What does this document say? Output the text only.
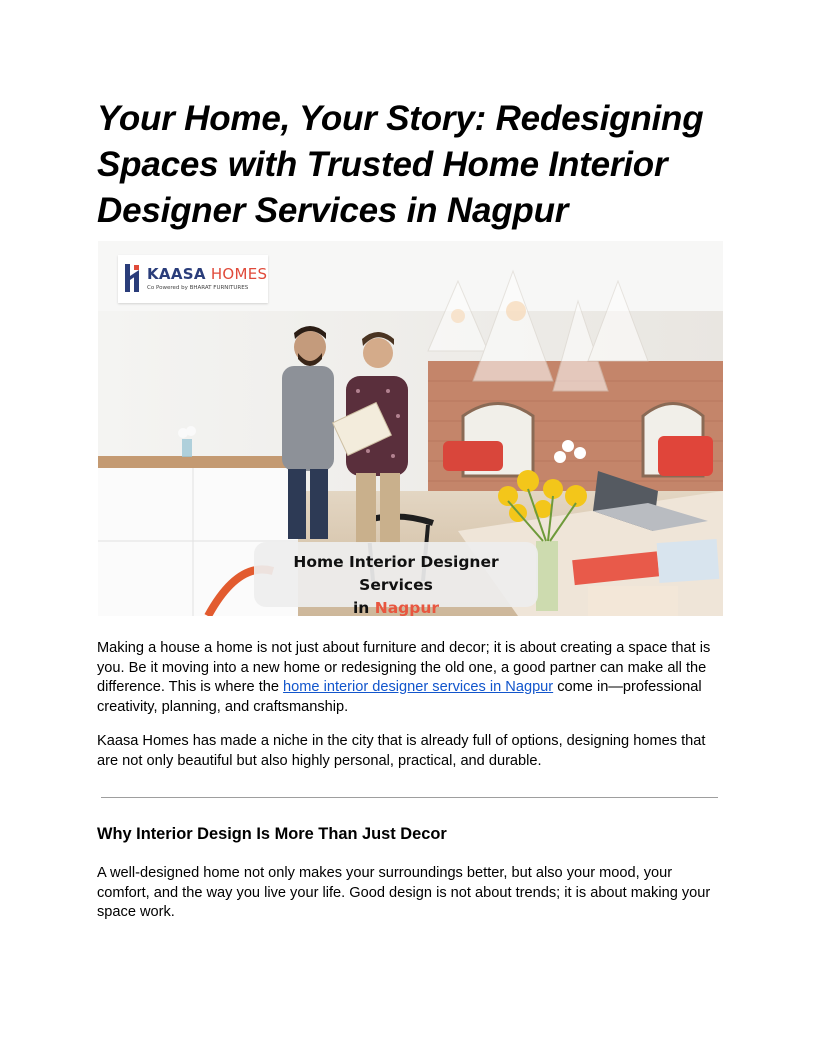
Your Home, Your Story: Redesigning Spaces with Trusted Home Interior Designer Services in Nagpur
KAASA HOMES
Co Powered by BHARAT FURNITURES
Home Interior Designer Services
in Nagpur

Making a house a home is not just about furniture and decor; it is about creating a space that is you. Be it moving into a new home or redesigning the old one, a good partner can make all the difference. This is where the home interior designer services in Nagpur come in—professional creativity, planning, and craftsmanship.

Kaasa Homes has made a niche in the city that is already full of options, designing homes that are not only beautiful but also highly personal, practical, and durable.

Why Interior Design Is More Than Just Decor

A well-designed home not only makes your surroundings better, but also your mood, your comfort, and the way you live your life. Good design is not about trends; it is about making your space work.
